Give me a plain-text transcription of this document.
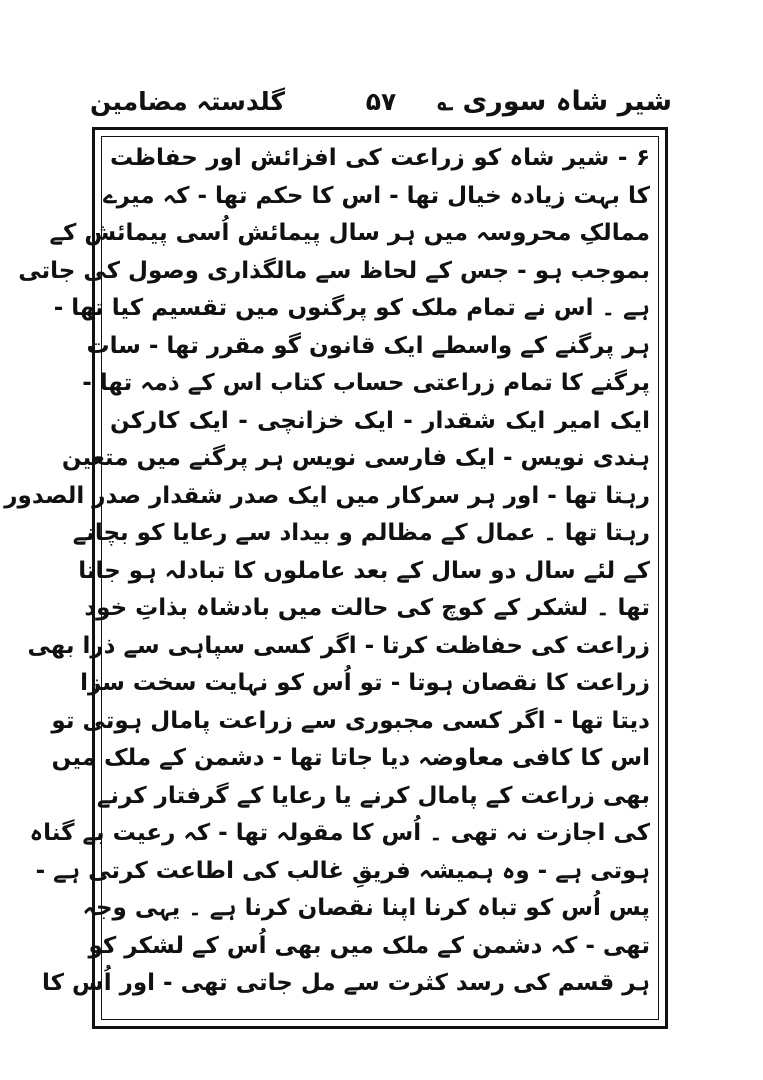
شیر شاہ سوری ؎
۵۷
گلدستہ مضامین
۶ - شیر شاہ کو زراعت کی افزائش اور حفاظت
کا بہت زیادہ خیال تھا - اس کا حکم تھا - کہ میرے
ممالکِ محروسہ میں ہر سال پیمائش اُسی پیمائش کے
بموجب ہو - جس کے لحاظ سے مالگذاری وصول کی جاتی
ہے ۔ اس نے تمام ملک کو پرگنوں میں تقسیم کیا تھا -
ہر پرگنے کے واسطے ایک قانون گو مقرر تھا - سات
پرگنے کا تمام زراعتی حساب کتاب اس کے ذمہ تھا -
ایک امیر ایک شقدار - ایک خزانچی - ایک کارکن
ہندی نویس - ایک فارسی نویس ہر پرگنے میں متعین
رہتا تھا - اور ہر سرکار میں ایک صدر شقدار صدر الصدور
رہتا تھا ۔ عمال کے مظالم و بیداد سے رعایا کو بچانے
کے لئے سال دو سال کے بعد عاملوں کا تبادلہ ہو جاتا
تھا ۔ لشکر کے کوچ کی حالت میں بادشاہ بذاتِ خود
زراعت کی حفاظت کرتا - اگر کسی سپاہی سے ذرا بھی
زراعت کا نقصان ہوتا - تو اُس کو نہایت سخت سزا
دیتا تھا - اگر کسی مجبوری سے زراعت پامال ہوتی تو
اس کا کافی معاوضہ دیا جاتا تھا - دشمن کے ملک میں
بھی زراعت کے پامال کرنے یا رعایا کے گرفتار کرنے
کی اجازت نہ تھی ۔ اُس کا مقولہ تھا - کہ رعیت بے گناہ
ہوتی ہے - وہ ہمیشہ فریقِ غالب کی اطاعت کرتی ہے -
پس اُس کو تباہ کرنا اپنا نقصان کرنا ہے ۔ یہی وجہ
تھی - کہ دشمن کے ملک میں بھی اُس کے لشکر کو
ہر قسم کی رسد کثرت سے مل جاتی تھی - اور اُس کا
